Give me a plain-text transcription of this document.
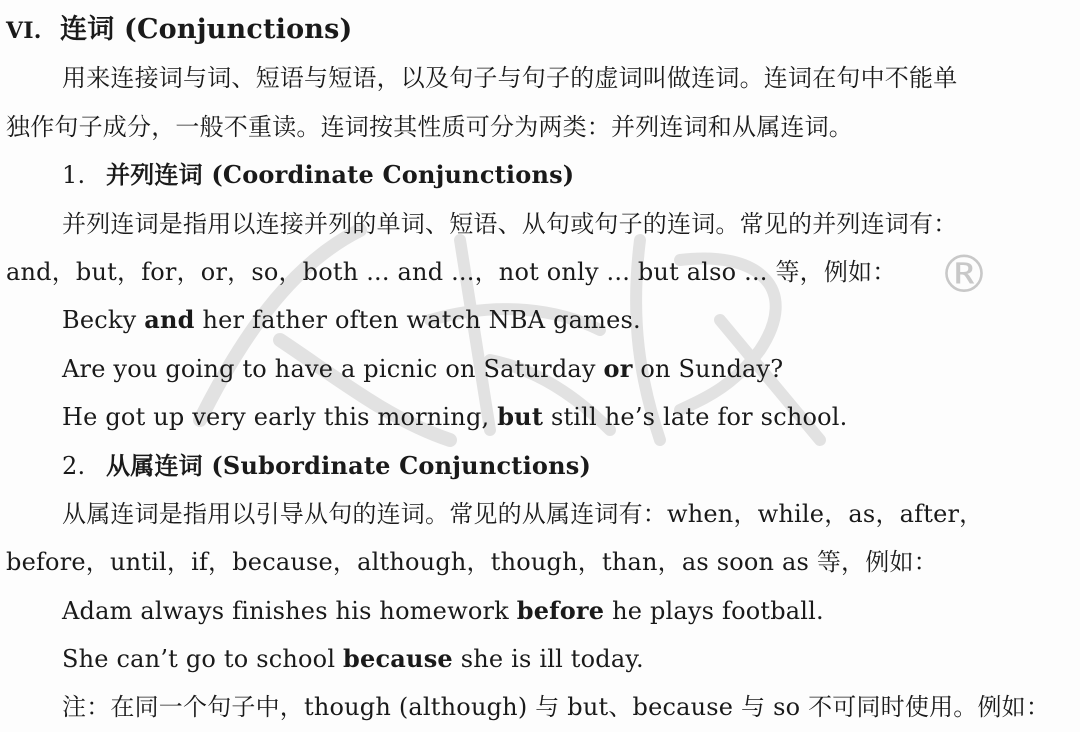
®
VI. 连词 (Conjunctions)
用来连接词与词、短语与短语，以及句子与句子的虚词叫做连词。连词在句中不能单
独作句子成分，一般不重读。连词按其性质可分为两类：并列连词和从属连词。
1. 并列连词 (Coordinate Conjunctions)
并列连词是指用以连接并列的单词、短语、从句或句子的连词。常见的并列连词有：
and，but，for，or，so，both ... and ...，not only ... but also ... 等，例如：
Becky and her father often watch NBA games.
Are you going to have a picnic on Saturday or on Sunday?
He got up very early this morning, but still he’s late for school.
2. 从属连词 (Subordinate Conjunctions)
从属连词是指用以引导从句的连词。常见的从属连词有：when，while，as，after，
before，until，if，because，although，though，than，as soon as 等，例如：
Adam always finishes his homework before he plays football.
She can’t go to school because she is ill today.
注：在同一个句子中，though (although) 与 but、because 与 so 不可同时使用。例如：
